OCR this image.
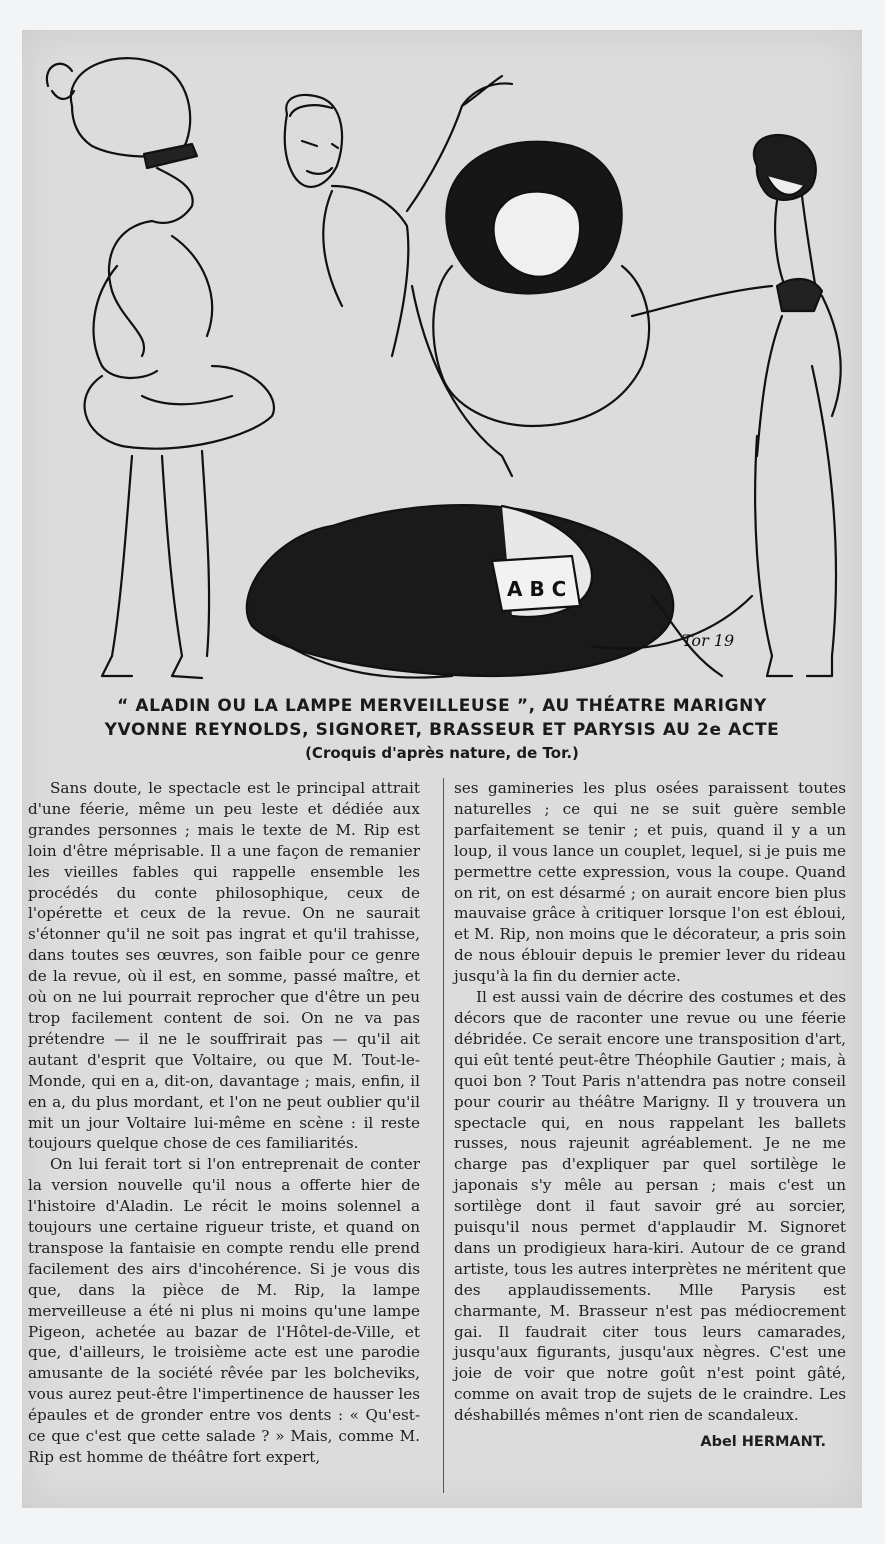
A B C
Tor 19
“ ALADIN OU LA LAMPE MERVEILLEUSE ”, AU THÉATRE MARIGNY
YVONNE REYNOLDS, SIGNORET, BRASSEUR ET PARYSIS AU 2e ACTE
(Croquis d'après nature, de Tor.)

Sans doute, le spectacle est le principal attrait d'une féerie, même un peu leste et dédiée aux grandes personnes ; mais le texte de M. Rip est loin d'être méprisable. Il a une façon de remanier les vieilles fables qui rappelle ensemble les procédés du conte philosophique, ceux de l'opérette et ceux de la revue. On ne saurait s'étonner qu'il ne soit pas ingrat et qu'il trahisse, dans toutes ses œuvres, son faible pour ce genre de la revue, où il est, en somme, passé maître, et où on ne lui pourrait reprocher que d'être un peu trop facilement content de soi. On ne va pas prétendre — il ne le souffrirait pas — qu'il ait autant d'esprit que Voltaire, ou que M. Tout-le-Monde, qui en a, dit-on, davantage ; mais, enfin, il en a, du plus mordant, et l'on ne peut oublier qu'il mit un jour Voltaire lui-même en scène : il reste toujours quelque chose de ces familiarités.

On lui ferait tort si l'on entreprenait de conter la version nouvelle qu'il nous a offerte hier de l'histoire d'Aladin. Le récit le moins solennel a toujours une certaine rigueur triste, et quand on transpose la fantaisie en compte rendu elle prend facilement des airs d'incohérence. Si je vous dis que, dans la pièce de M. Rip, la lampe merveilleuse a été ni plus ni moins qu'une lampe Pigeon, achetée au bazar de l'Hôtel-de-Ville, et que, d'ailleurs, le troisième acte est une parodie amusante de la société rêvée par les bolcheviks, vous aurez peut-être l'impertinence de hausser les épaules et de gronder entre vos dents : « Qu'est-ce que c'est que cette salade ? » Mais, comme M. Rip est homme de théâtre fort expert,

ses gamineries les plus osées paraissent toutes naturelles ; ce qui ne se suit guère semble parfaitement se tenir ; et puis, quand il y a un loup, il vous lance un couplet, lequel, si je puis me permettre cette expression, vous la coupe. Quand on rit, on est désarmé ; on aurait encore bien plus mauvaise grâce à critiquer lorsque l'on est ébloui, et M. Rip, non moins que le décorateur, a pris soin de nous éblouir depuis le premier lever du rideau jusqu'à la fin du dernier acte.

Il est aussi vain de décrire des costumes et des décors que de raconter une revue ou une féerie débridée. Ce serait encore une transposition d'art, qui eût tenté peut-être Théophile Gautier ; mais, à quoi bon ? Tout Paris n'attendra pas notre conseil pour courir au théâtre Marigny. Il y trouvera un spectacle qui, en nous rappelant les ballets russes, nous rajeunit agréablement. Je ne me charge pas d'expliquer par quel sortilège le japonais s'y mêle au persan ; mais c'est un sortilège dont il faut savoir gré au sorcier, puisqu'il nous permet d'applaudir M. Signoret dans un prodigieux hara-kiri. Autour de ce grand artiste, tous les autres interprètes ne méritent que des applaudissements. Mlle Parysis est charmante, M. Brasseur n'est pas médiocrement gai. Il faudrait citer tous leurs camarades, jusqu'aux figurants, jusqu'aux nègres. C'est une joie de voir que notre goût n'est point gâté, comme on avait trop de sujets de le craindre. Les déshabillés mêmes n'ont rien de scandaleux.

Abel HERMANT.
